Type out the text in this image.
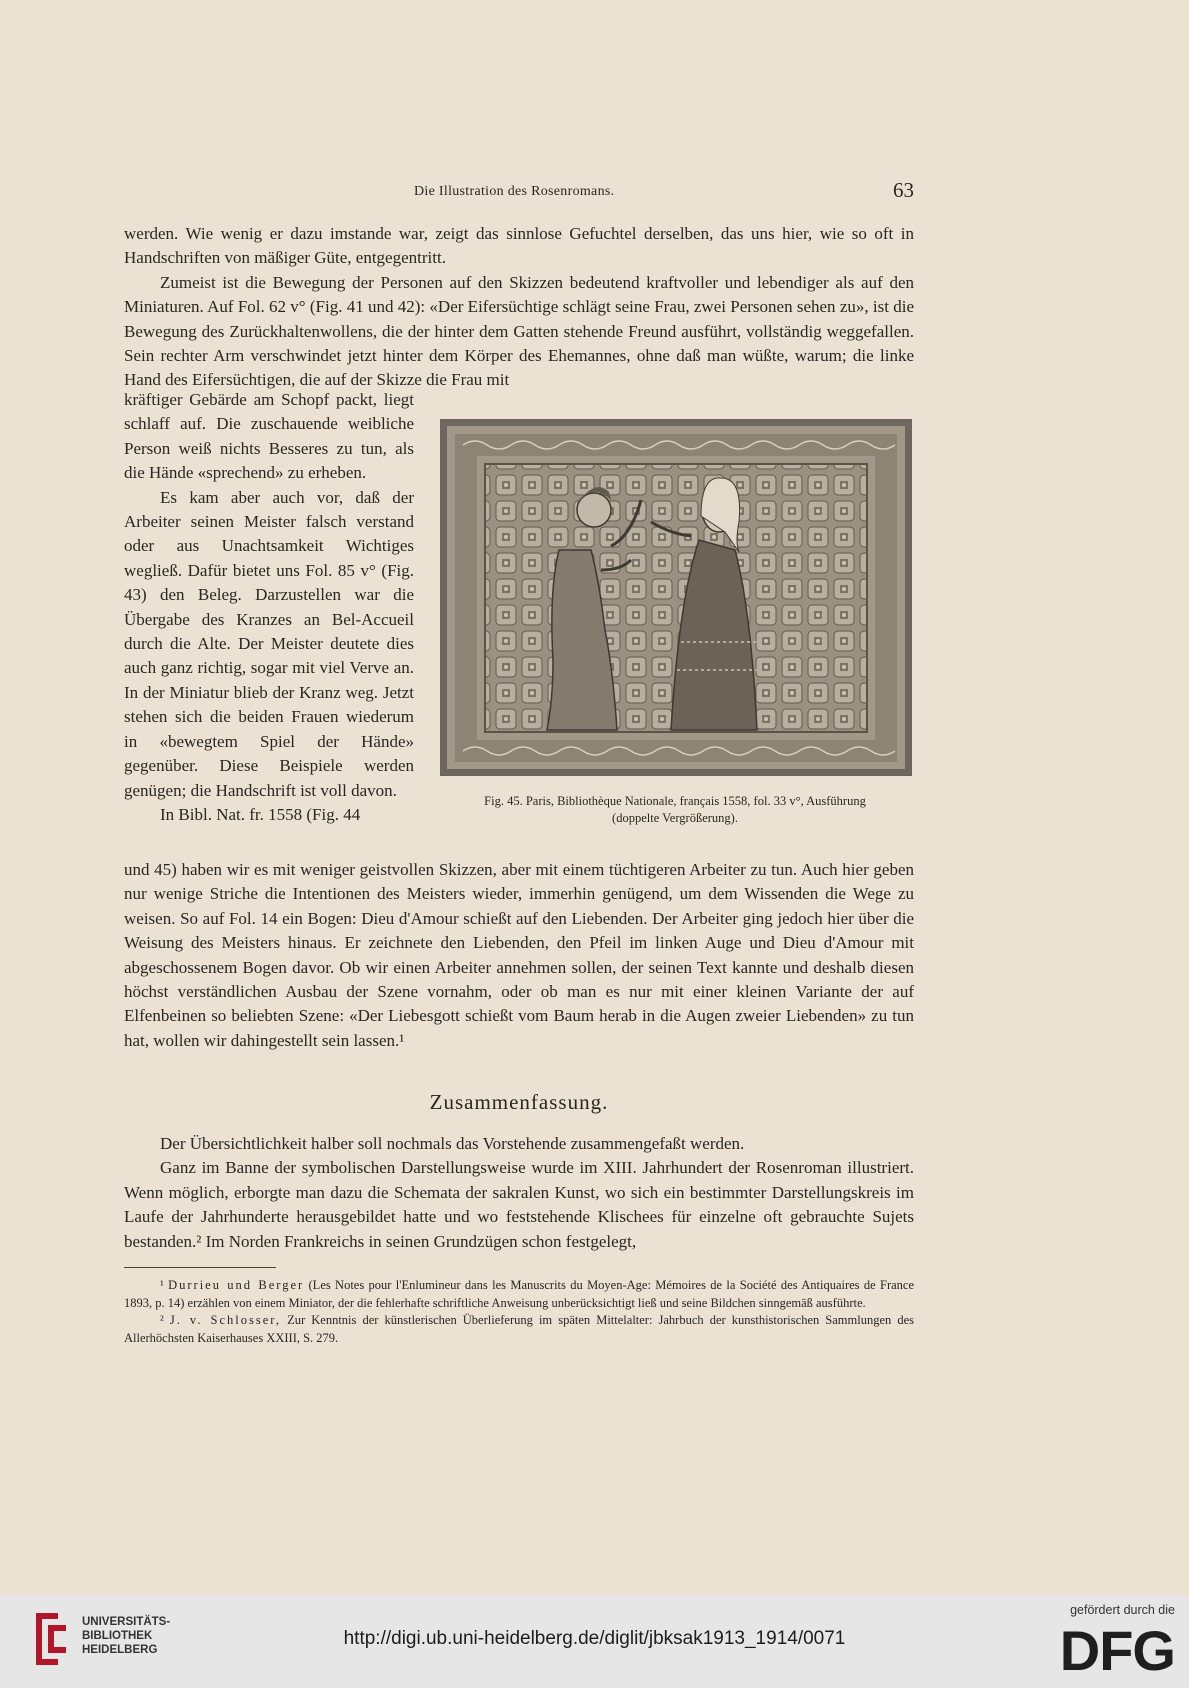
Die Illustration des Rosenromans.	63

werden. Wie wenig er dazu imstande war, zeigt das sinnlose Gefuchtel derselben, das uns hier, wie so oft in Handschriften von mäßiger Güte, entgegentritt.

Zumeist ist die Bewegung der Personen auf den Skizzen bedeutend kraftvoller und lebendiger als auf den Miniaturen. Auf Fol. 62 v° (Fig. 41 und 42): «Der Eifersüchtige schlägt seine Frau, zwei Personen sehen zu», ist die Bewegung des Zurückhaltenwollens, die der hinter dem Gatten stehende Freund ausführt, vollständig weggefallen. Sein rechter Arm verschwindet jetzt hinter dem Körper des Ehemannes, ohne daß man wüßte, warum; die linke Hand des Eifersüchtigen, die auf der Skizze die Frau mit

kräftiger Gebärde am Schopf packt, liegt schlaff auf. Die zuschauende weibliche Person weiß nichts Besseres zu tun, als die Hände «sprechend» zu erheben.

Es kam aber auch vor, daß der Arbeiter seinen Meister falsch verstand oder aus Unachtsamkeit Wichtiges wegließ. Dafür bietet uns Fol. 85 v° (Fig. 43) den Beleg. Darzustellen war die Übergabe des Kranzes an Bel-Accueil durch die Alte. Der Meister deutete dies auch ganz richtig, sogar mit viel Verve an. In der Miniatur blieb der Kranz weg. Jetzt stehen sich die beiden Frauen wiederum in «bewegtem Spiel der Hände» gegenüber. Diese Beispiele werden genügen; die Handschrift ist voll davon.

In Bibl. Nat. fr. 1558 (Fig. 44

Fig. 45. Paris, Bibliothèque Nationale, français 1558, fol. 33 v°, Ausführung
(doppelte Vergrößerung).

und 45) haben wir es mit weniger geistvollen Skizzen, aber mit einem tüchtigeren Arbeiter zu tun. Auch hier geben nur wenige Striche die Intentionen des Meisters wieder, immerhin genügend, um dem Wissenden die Wege zu weisen. So auf Fol. 14 ein Bogen: Dieu d'Amour schießt auf den Liebenden. Der Arbeiter ging jedoch hier über die Weisung des Meisters hinaus. Er zeichnete den Liebenden, den Pfeil im linken Auge und Dieu d'Amour mit abgeschossenem Bogen davor. Ob wir einen Arbeiter annehmen sollen, der seinen Text kannte und deshalb diesen höchst verständlichen Ausbau der Szene vornahm, oder ob man es nur mit einer kleinen Variante der auf Elfenbeinen so beliebten Szene: «Der Liebesgott schießt vom Baum herab in die Augen zweier Liebenden» zu tun hat, wollen wir dahingestellt sein lassen.¹

Zusammenfassung.

Der Übersichtlichkeit halber soll nochmals das Vorstehende zusammengefaßt werden.

Ganz im Banne der symbolischen Darstellungsweise wurde im XIII. Jahrhundert der Rosenroman illustriert. Wenn möglich, erborgte man dazu die Schemata der sakralen Kunst, wo sich ein bestimmter Darstellungskreis im Laufe der Jahrhunderte herausgebildet hatte und wo feststehende Klischees für einzelne oft gebrauchte Sujets bestanden.² Im Norden Frankreichs in seinen Grundzügen schon festgelegt,

¹ Durrieu und Berger (Les Notes pour l'Enlumineur dans les Manuscrits du Moyen-Age: Mémoires de la Société des Antiquaires de France 1893, p. 14) erzählen von einem Miniator, der die fehlerhafte schriftliche Anweisung unberücksichtigt ließ und seine Bildchen sinngemäß ausführte.

² J. v. Schlosser, Zur Kenntnis der künstlerischen Überlieferung im späten Mittelalter: Jahrbuch der kunsthistorischen Sammlungen des Allerhöchsten Kaiserhauses XXIII, S. 279.

UNIVERSITÄTS-
BIBLIOTHEK
HEIDELBERG
http://digi.ub.uni-heidelberg.de/diglit/jbksak1913_1914/0071
gefördert durch die
DFG
